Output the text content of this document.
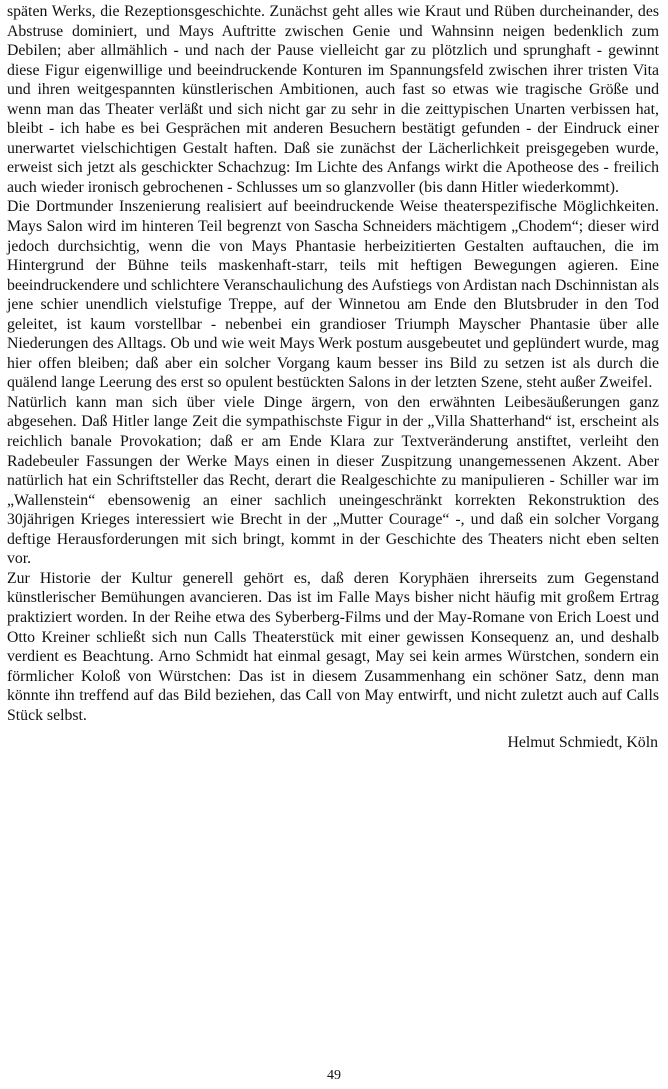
späten Werks, die Rezeptionsgeschichte. Zunächst geht alles wie Kraut und Rüben durcheinander, des Abstruse dominiert, und Mays Auftritte zwischen Genie und Wahnsinn neigen bedenklich zum Debilen; aber allmählich - und nach der Pause vielleicht gar zu plötzlich und sprunghaft - gewinnt diese Figur eigenwillige und beeindruckende Konturen im Spannungsfeld zwischen ihrer tristen Vita und ihren weitgespannten künstlerischen Ambitionen, auch fast so etwas wie tragische Größe und wenn man das Theater verläßt und sich nicht gar zu sehr in die zeittypischen Unarten verbissen hat, bleibt - ich habe es bei Gesprächen mit anderen Besuchern bestätigt gefunden - der Eindruck einer unerwartet vielschichtigen Gestalt haften. Daß sie zunächst der Lächerlichkeit preisgegeben wurde, erweist sich jetzt als geschickter Schachzug: Im Lichte des Anfangs wirkt die Apotheose des - freilich auch wieder ironisch gebrochenen - Schlusses um so glanzvoller (bis dann Hitler wiederkommt).

Die Dortmunder Inszenierung realisiert auf beeindruckende Weise theaterspezifische Möglichkeiten. Mays Salon wird im hinteren Teil begrenzt von Sascha Schneiders mächtigem „Chodem“; dieser wird jedoch durchsichtig, wenn die von Mays Phantasie herbeizitierten Gestalten auftauchen, die im Hintergrund der Bühne teils maskenhaft-starr, teils mit heftigen Bewegungen agieren. Eine beeindruckendere und schlichtere Veranschaulichung des Aufstiegs von Ardistan nach Dschinnistan als jene schier unendlich vielstufige Treppe, auf der Winnetou am Ende den Blutsbruder in den Tod geleitet, ist kaum vorstellbar - nebenbei ein grandioser Triumph Mayscher Phantasie über alle Niederungen des Alltags. Ob und wie weit Mays Werk postum ausgebeutet und geplündert wurde, mag hier offen bleiben; daß aber ein solcher Vorgang kaum besser ins Bild zu setzen ist als durch die quälend lange Leerung des erst so opulent bestückten Salons in der letzten Szene, steht außer Zweifel.

Natürlich kann man sich über viele Dinge ärgern, von den erwähnten Leibesäußerungen ganz abgesehen. Daß Hitler lange Zeit die sympathischste Figur in der „Villa Shatterhand“ ist, erscheint als reichlich banale Provokation; daß er am Ende Klara zur Textveränderung anstiftet, verleiht den Radebeuler Fassungen der Werke Mays einen in dieser Zuspitzung unangemessenen Akzent. Aber natürlich hat ein Schriftsteller das Recht, derart die Realgeschichte zu manipulieren - Schiller war im „Wallenstein“ ebensowenig an einer sachlich uneingeschränkt korrekten Rekonstruktion des 30jährigen Krieges interessiert wie Brecht in der „Mutter Courage“ -, und daß ein solcher Vorgang deftige Herausforderungen mit sich bringt, kommt in der Geschichte des Theaters nicht eben selten vor.

Zur Historie der Kultur generell gehört es, daß deren Koryphäen ihrerseits zum Gegenstand künstlerischer Bemühungen avancieren. Das ist im Falle Mays bisher nicht häufig mit großem Ertrag praktiziert worden. In der Reihe etwa des Syberberg-Films und der May-Romane von Erich Loest und Otto Kreiner schließt sich nun Calls Theaterstück mit einer gewissen Konsequenz an, und deshalb verdient es Beachtung. Arno Schmidt hat einmal gesagt, May sei kein armes Würstchen, sondern ein förmlicher Koloß von Würstchen: Das ist in diesem Zusammenhang ein schöner Satz, denn man könnte ihn treffend auf das Bild beziehen, das Call von May entwirft, und nicht zuletzt auch auf Calls Stück selbst.

Helmut Schmiedt, Köln
49
